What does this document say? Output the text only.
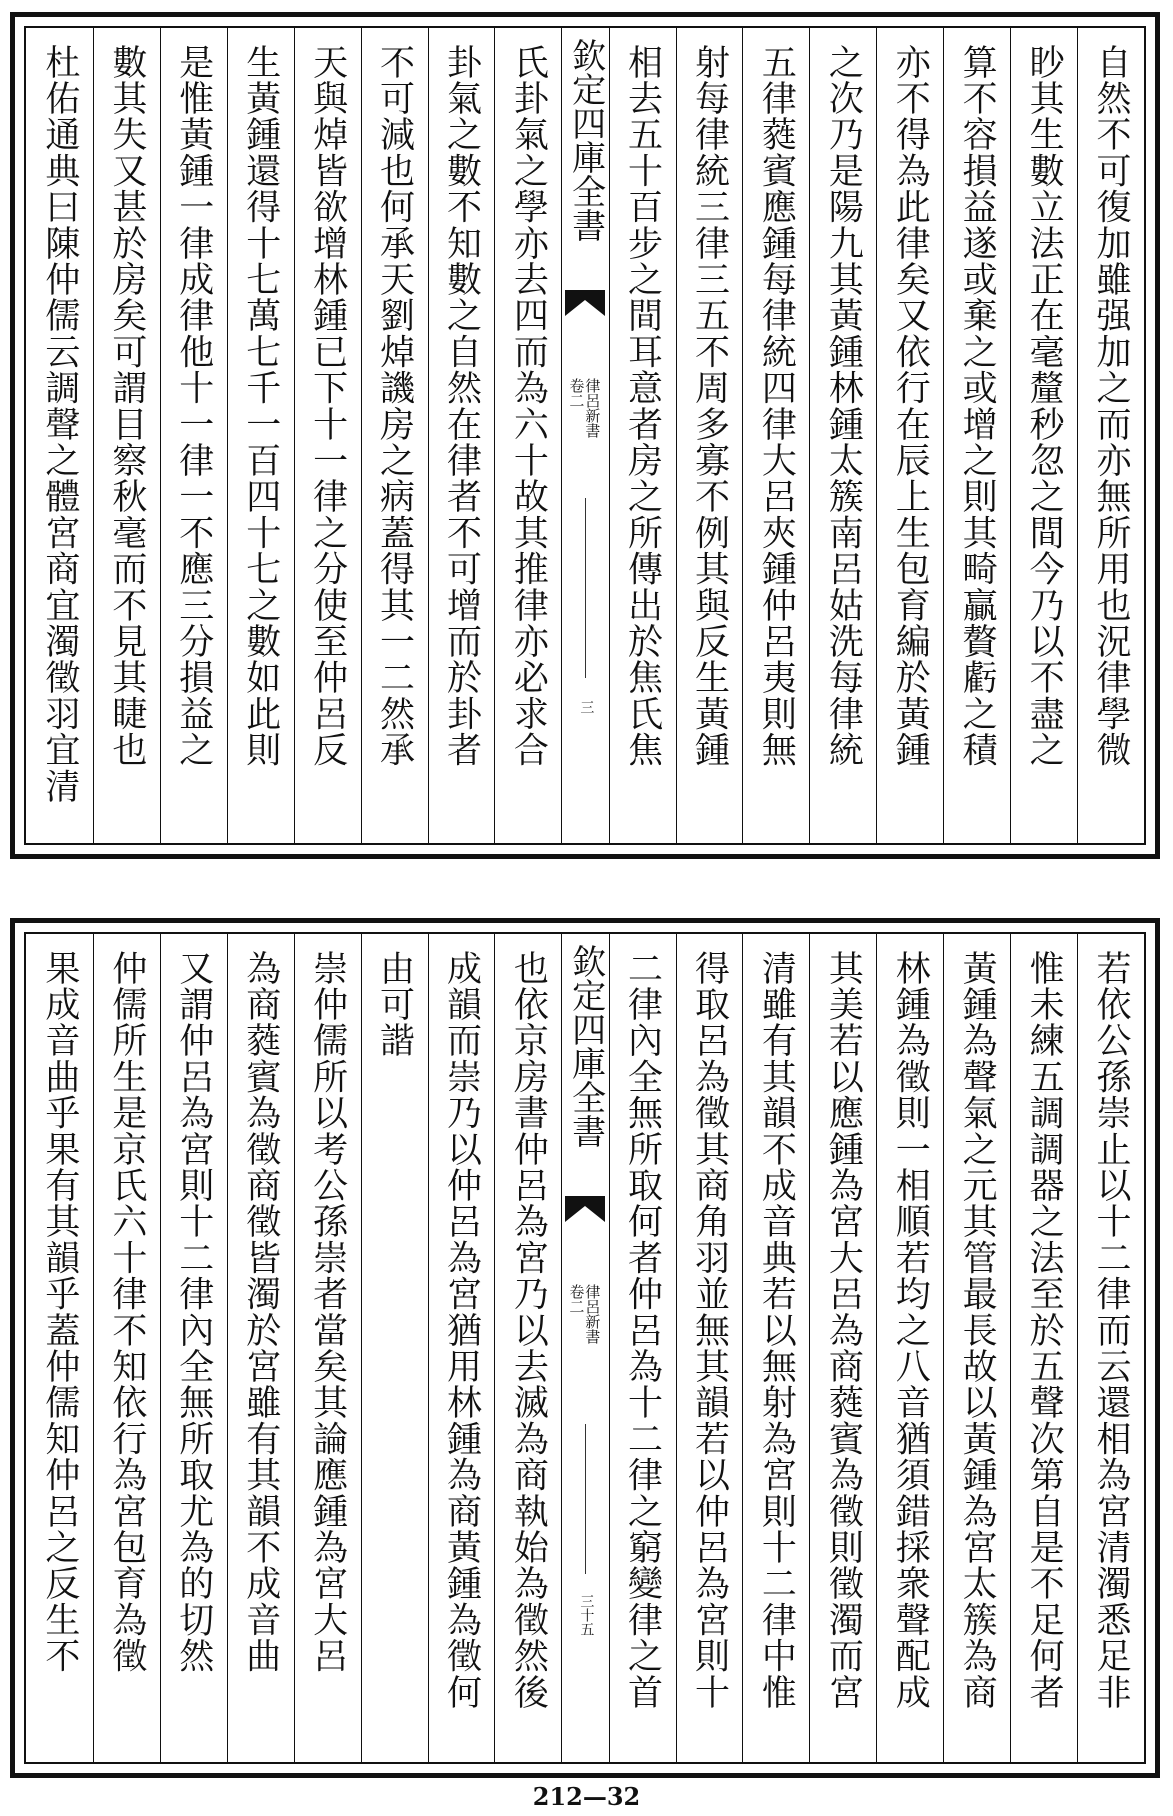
自然不可復加雖强加之而亦無所用也況律學微
眇其生數立法正在毫釐秒忽之間今乃以不盡之
算不容損益遂或棄之或增之則其畸贏贅虧之積
亦不得為此律矣又依行在辰上生包育編於黃鍾
之次乃是陽九其黃鍾林鍾太簇南呂姑洗每律統
五律蕤賓應鍾每律統四律大呂夾鍾仲呂夷則無
射每律統三律三五不周多寡不例其與反生黃鍾
相去五十百步之間耳意者房之所傳出於焦氏焦
欽定四庫全書
律呂新書
卷二
三
氏卦氣之學亦去四而為六十故其推律亦必求合
卦氣之數不知數之自然在律者不可增而於卦者
不可減也何承天劉焯譏房之病蓋得其一二然承
天與焯皆欲增林鍾已下十一律之分使至仲呂反
生黃鍾還得十七萬七千一百四十七之數如此則
是惟黃鍾一律成律他十一律一不應三分損益之
數其失又甚於房矣可謂目察秋毫而不見其睫也
杜佑通典曰陳仲儒云調聲之體宮商宜濁徵羽宜清
若依公孫崇止以十二律而云還相為宮清濁悉足非
惟未練五調調器之法至於五聲次第自是不足何者
黃鍾為聲氣之元其管最長故以黃鍾為宮太簇為商
林鍾為徵則一相順若均之八音猶須錯採衆聲配成
其美若以應鍾為宮大呂為商蕤賓為徵則徵濁而宮
清雖有其韻不成音典若以無射為宮則十二律中惟
得取呂為徵其商角羽並無其韻若以仲呂為宮則十
二律內全無所取何者仲呂為十二律之窮變律之首
欽定四庫全書
律呂新書
卷二
三十五
也依京房書仲呂為宮乃以去滅為商執始為徵然後
成韻而崇乃以仲呂為宮猶用林鍾為商黃鍾為徵何
由可諧
崇仲儒所以考公孫崇者當矣其論應鍾為宮大呂
為商蕤賓為徵商徵皆濁於宮雖有其韻不成音曲
又謂仲呂為宮則十二律內全無所取尤為的切然
仲儒所生是京氏六十律不知依行為宮包育為徵
果成音曲乎果有其韻乎蓋仲儒知仲呂之反生不
212—32
